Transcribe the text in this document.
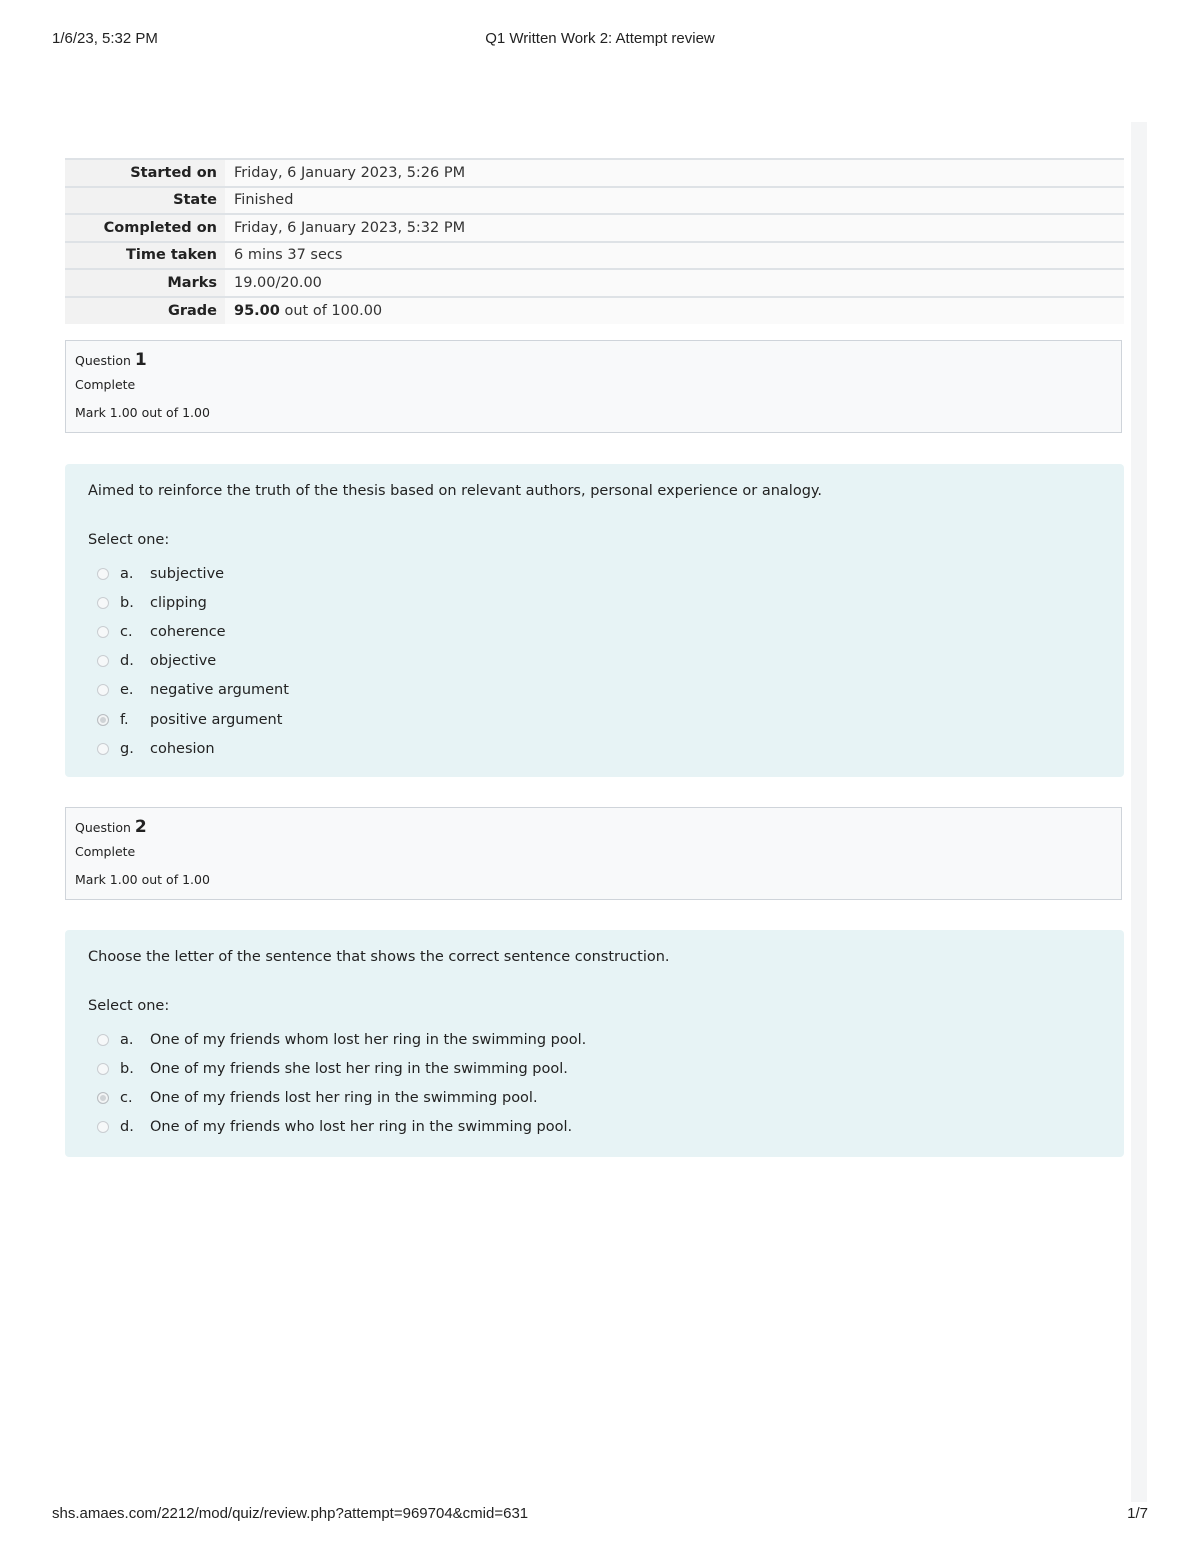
1/6/23, 5:32 PM	Q1 Written Work 2: Attempt review
Started on	Friday, 6 January 2023, 5:26 PM
State	Finished
Completed on	Friday, 6 January 2023, 5:32 PM
Time taken	6 mins 37 secs
Marks	19.00/20.00
Grade	95.00 out of 100.00
Question 1
Complete
Mark 1.00 out of 1.00
Aimed to reinforce the truth of the thesis based on relevant authors, personal experience or analogy.
Select one:
a.	subjective
b.	clipping
c.	coherence
d.	objective
e.	negative argument
f.	positive argument
g.	cohesion
Question 2
Complete
Mark 1.00 out of 1.00
Choose the letter of the sentence that shows the correct sentence construction.
Select one:
a.	One of my friends whom lost her ring in the swimming pool.
b.	One of my friends she lost her ring in the swimming pool.
c.	One of my friends lost her ring in the swimming pool.
d.	One of my friends who lost her ring in the swimming pool.
shs.amaes.com/2212/mod/quiz/review.php?attempt=969704&cmid=631	1/7
